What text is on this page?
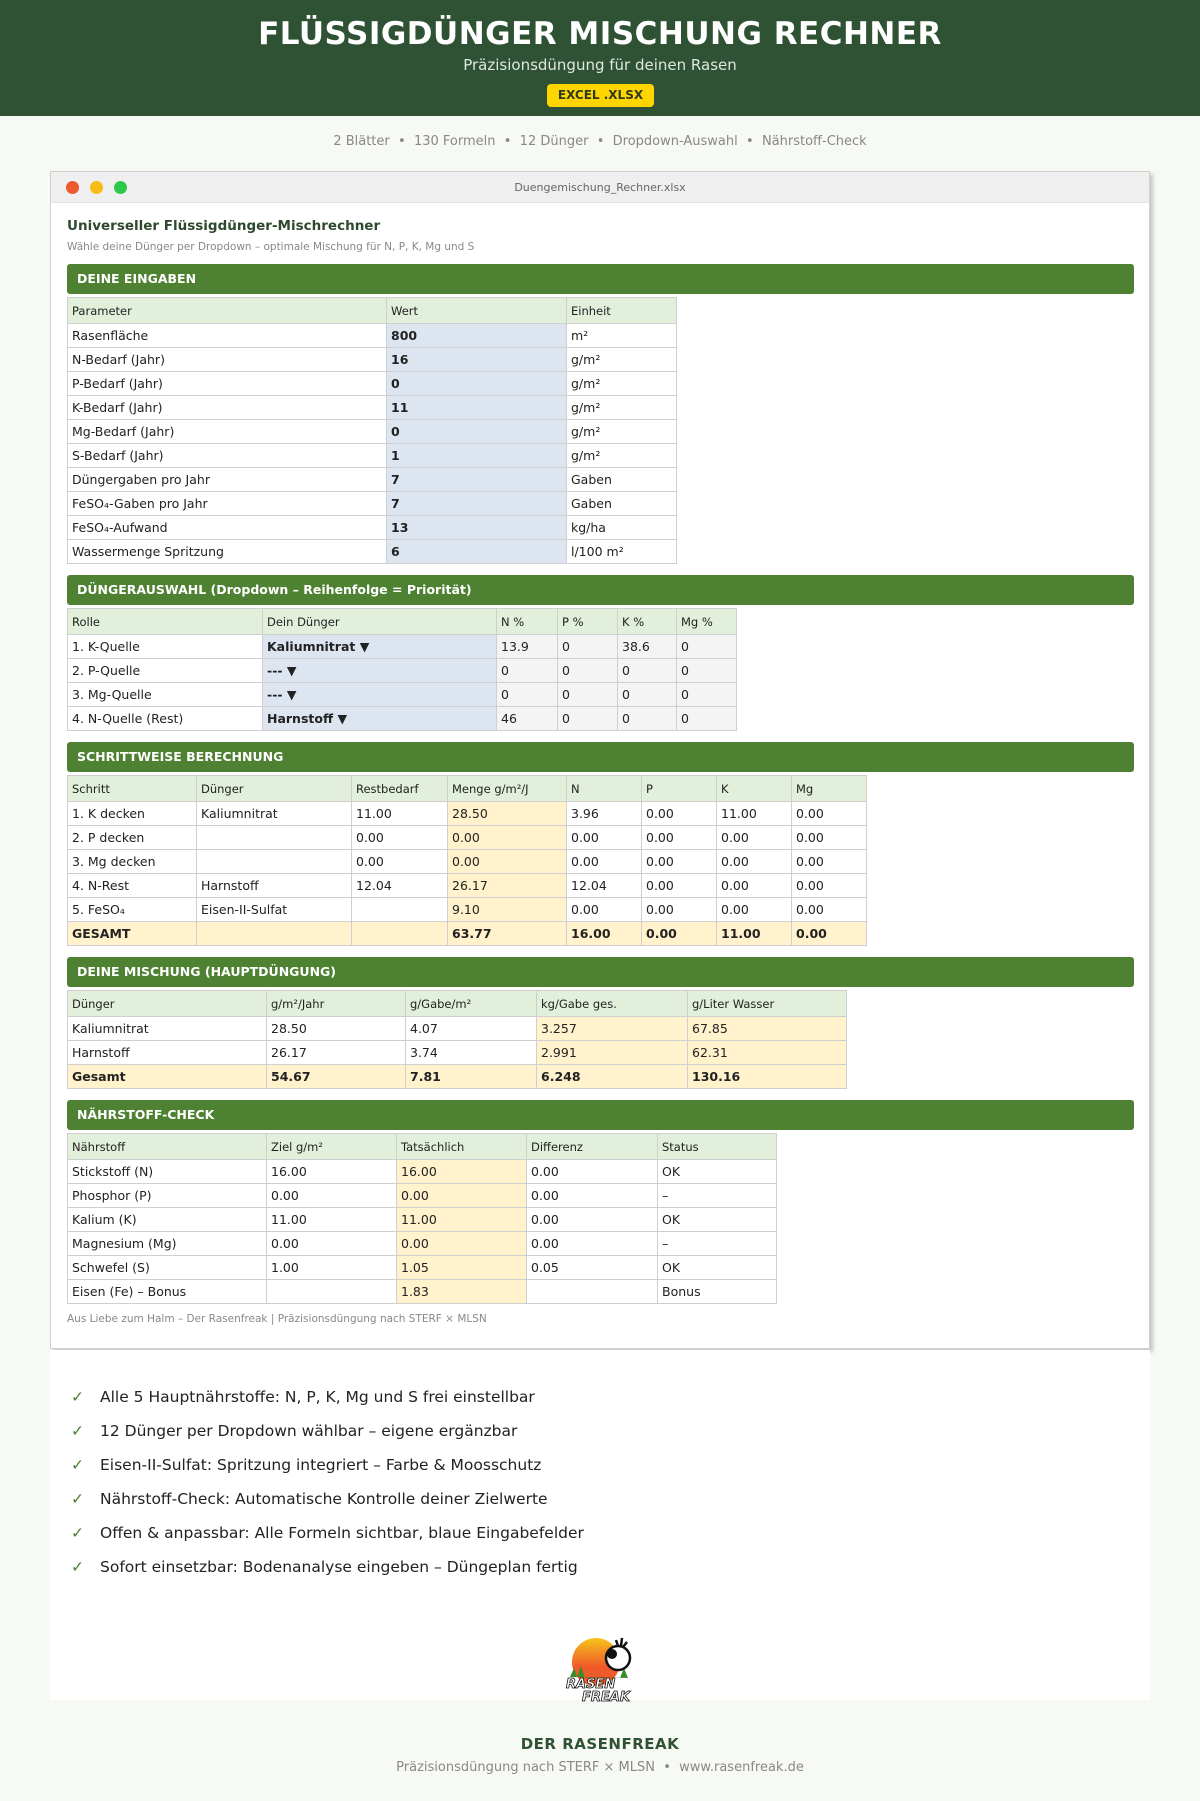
FLÜSSIGDÜNGER MISCHUNG RECHNER
Präzisionsdüngung für deinen Rasen
EXCEL .XLSX
2 Blätter  •  130 Formeln  •  12 Dünger  •  Dropdown-Auswahl  •  Nährstoff-Check
Duengemischung_Rechner.xlsx
Universeller Flüssigdünger-Mischrechner
Wähle deine Dünger per Dropdown – optimale Mischung für N, P, K, Mg und S
DEINE EINGABEN
Parameter	Wert	Einheit
Rasenfläche	800	m²
N-Bedarf (Jahr)	16	g/m²
P-Bedarf (Jahr)	0	g/m²
K-Bedarf (Jahr)	11	g/m²
Mg-Bedarf (Jahr)	0	g/m²
S-Bedarf (Jahr)	1	g/m²
Düngergaben pro Jahr	7	Gaben
FeSO₄-Gaben pro Jahr	7	Gaben
FeSO₄-Aufwand	13	kg/ha
Wassermenge Spritzung	6	l/100 m²
DÜNGERAUSWAHL (Dropdown – Reihenfolge = Priorität)
Rolle	Dein Dünger	N %	P %	K %	Mg %
1. K-Quelle	Kaliumnitrat ▼	13.9	0	38.6	0
2. P-Quelle	--- ▼	0	0	0	0
3. Mg-Quelle	--- ▼	0	0	0	0
4. N-Quelle (Rest)	Harnstoff ▼	46	0	0	0
SCHRITTWEISE BERECHNUNG
Schritt	Dünger	Restbedarf	Menge g/m²/J	N	P	K	Mg
1. K decken	Kaliumnitrat	11.00	28.50	3.96	0.00	11.00	0.00
2. P decken		0.00	0.00	0.00	0.00	0.00	0.00
3. Mg decken		0.00	0.00	0.00	0.00	0.00	0.00
4. N-Rest	Harnstoff	12.04	26.17	12.04	0.00	0.00	0.00
5. FeSO₄	Eisen-II-Sulfat		9.10	0.00	0.00	0.00	0.00
GESAMT			63.77	16.00	0.00	11.00	0.00
DEINE MISCHUNG (HAUPTDÜNGUNG)
Dünger	g/m²/Jahr	g/Gabe/m²	kg/Gabe ges.	g/Liter Wasser
Kaliumnitrat	28.50	4.07	3.257	67.85
Harnstoff	26.17	3.74	2.991	62.31
Gesamt	54.67	7.81	6.248	130.16
NÄHRSTOFF-CHECK
Nährstoff	Ziel g/m²	Tatsächlich	Differenz	Status
Stickstoff (N)	16.00	16.00	0.00	OK
Phosphor (P)	0.00	0.00	0.00	–
Kalium (K)	11.00	11.00	0.00	OK
Magnesium (Mg)	0.00	0.00	0.00	–
Schwefel (S)	1.00	1.05	0.05	OK
Eisen (Fe) – Bonus		1.83		Bonus
Aus Liebe zum Halm – Der Rasenfreak | Präzisionsdüngung nach STERF × MLSN
✓ Alle 5 Hauptnährstoffe: N, P, K, Mg und S frei einstellbar
✓ 12 Dünger per Dropdown wählbar – eigene ergänzbar
✓ Eisen-II-Sulfat: Spritzung integriert – Farbe & Moosschutz
✓ Nährstoff-Check: Automatische Kontrolle deiner Zielwerte
✓ Offen & anpassbar: Alle Formeln sichtbar, blaue Eingabefelder
✓ Sofort einsetzbar: Bodenanalyse eingeben – Düngeplan fertig
RASEN
FREAK
DER RASENFREAK
Präzisionsdüngung nach STERF × MLSN  •  www.rasenfreak.de
